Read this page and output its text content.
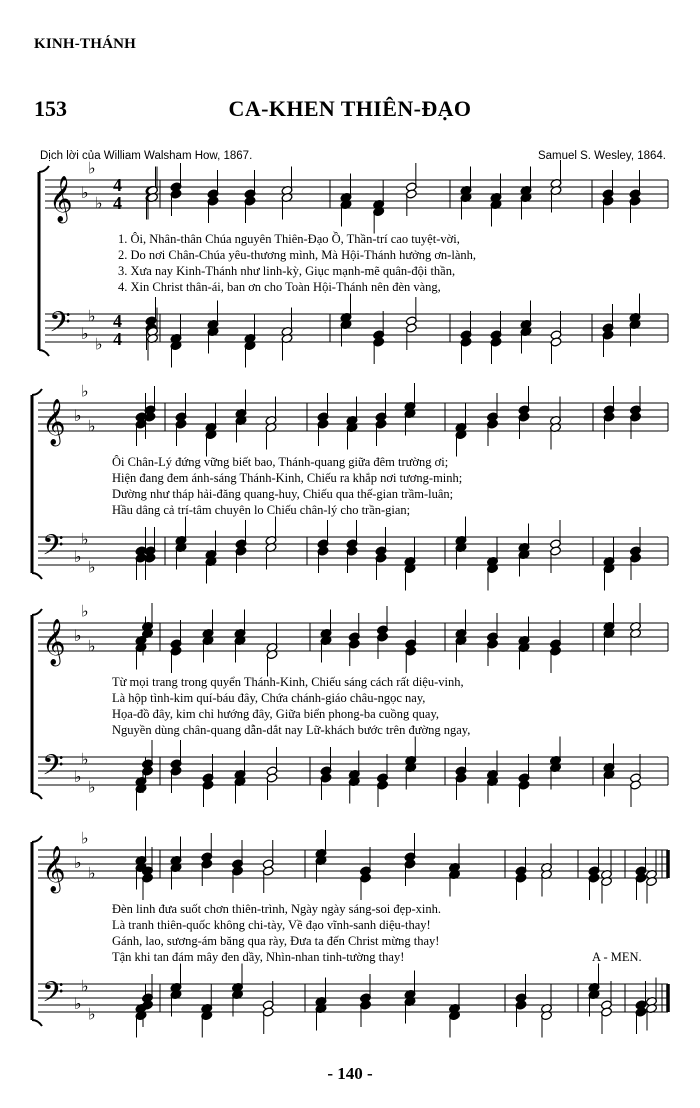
KINH-THÁNH
153	CA-KHEN THIÊN-ĐẠO
Dịch lời của William Walsham How, 1867.	Samuel S. Wesley, 1864.
𝄞
𝄢
♭
♭
♭
♭
♭
♭
1. Ôi, Nhân-thân Chúa nguyên Thiên-Đạo Ồ, Thần-trí cao tuyệt-vời,
2. Do nơi Chân-Chúa yêu-thương mình, Mà Hội-Thánh hưởng ơn-lành,
3. Xưa nay Kinh-Thánh như linh-kỳ, Giục mạnh-mẽ quân-đội thần,
4. Xin Christ thân-ái, ban ơn cho Toàn Hội-Thánh nên đèn vàng,
4
4
4
4
𝄞
𝄢
♭
♭
♭
♭
♭
♭
Ôi Chân-Lý đứng vững biết bao, Thánh-quang giữa đêm trường ơi;
Hiện đang đem ánh-sáng Thánh-Kinh, Chiếu ra khắp nơi tương-minh;
Dường như tháp hải-đăng quang-huy, Chiếu qua thế-gian trầm-luân;
Hầu dâng cả trí-tâm chuyên lo Chiếu chân-lý cho trần-gian;
𝄞
𝄢
♭
♭
♭
♭
♭
♭
Từ mọi trang trong quyển Thánh-Kinh, Chiếu sáng cách rất diệu-vinh,
Là hộp tình-kim quí-báu đây, Chứa chánh-giáo châu-ngọc nay,
Họa-đồ đây, kim chỉ hướng đây, Giữa biển phong-ba cuồng quay,
Nguyền dùng chân-quang dẫn-dắt nay Lữ-khách bước trên đường ngay,
𝄞
𝄢
♭
♭
♭
♭
♭
♭
Đèn linh đưa suốt chơn thiên-trình, Ngày ngày sáng-soi đẹp-xinh.
Là tranh thiên-quốc không chi-tày, Về đạo vĩnh-sanh diệu-thay!
Gánh, lao, sương-ám băng qua rày, Đưa ta đến Christ mừng thay!
Tận khi tan đám mây đen dầy, Nhìn-nhan tinh-tường thay!	A - MEN.
- 140 -
